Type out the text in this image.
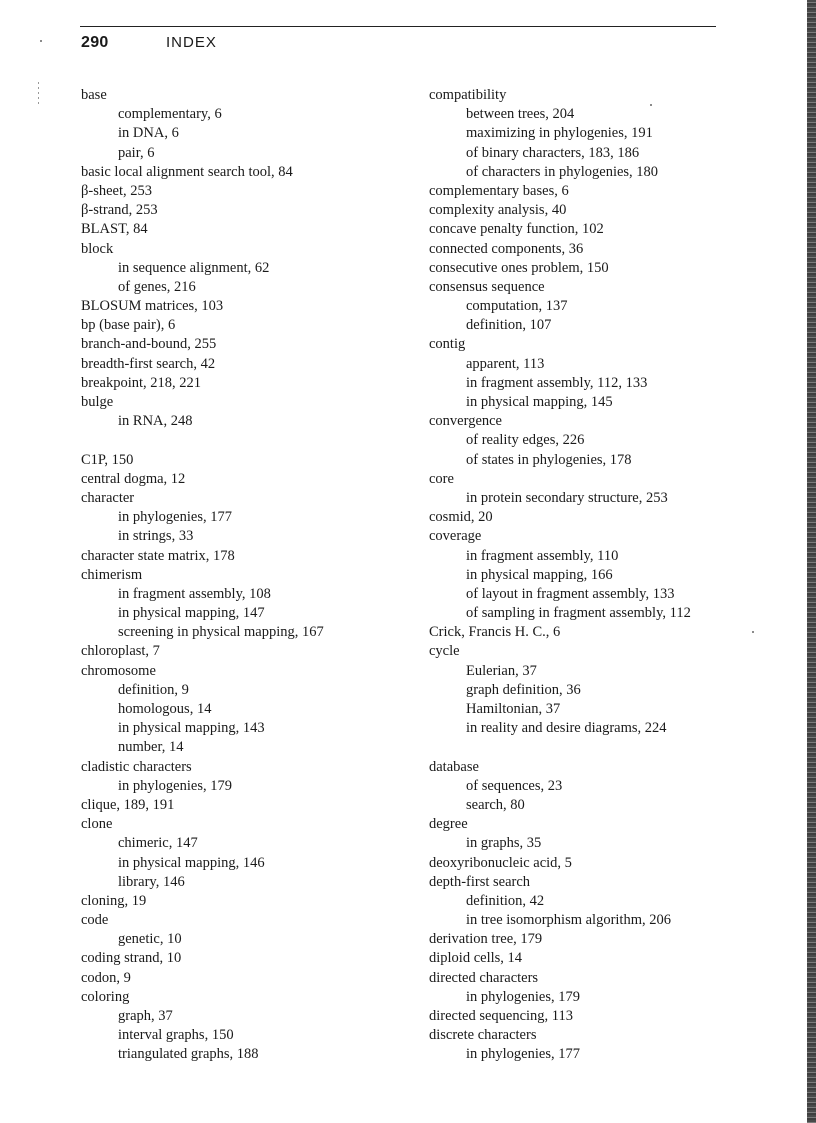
290	INDEX
base
complementary, 6
in DNA, 6
pair, 6
basic local alignment search tool, 84
β-sheet, 253
β-strand, 253
BLAST, 84
block
in sequence alignment, 62
of genes, 216
BLOSUM matrices, 103
bp (base pair), 6
branch-and-bound, 255
breadth-first search, 42
breakpoint, 218, 221
bulge
in RNA, 248
C1P, 150
central dogma, 12
character
in phylogenies, 177
in strings, 33
character state matrix, 178
chimerism
in fragment assembly, 108
in physical mapping, 147
screening in physical mapping, 167
chloroplast, 7
chromosome
definition, 9
homologous, 14
in physical mapping, 143
number, 14
cladistic characters
in phylogenies, 179
clique, 189, 191
clone
chimeric, 147
in physical mapping, 146
library, 146
cloning, 19
code
genetic, 10
coding strand, 10
codon, 9
coloring
graph, 37
interval graphs, 150
triangulated graphs, 188
compatibility
between trees, 204
maximizing in phylogenies, 191
of binary characters, 183, 186
of characters in phylogenies, 180
complementary bases, 6
complexity analysis, 40
concave penalty function, 102
connected components, 36
consecutive ones problem, 150
consensus sequence
computation, 137
definition, 107
contig
apparent, 113
in fragment assembly, 112, 133
in physical mapping, 145
convergence
of reality edges, 226
of states in phylogenies, 178
core
in protein secondary structure, 253
cosmid, 20
coverage
in fragment assembly, 110
in physical mapping, 166
of layout in fragment assembly, 133
of sampling in fragment assembly, 112
Crick, Francis H. C., 6
cycle
Eulerian, 37
graph definition, 36
Hamiltonian, 37
in reality and desire diagrams, 224
database
of sequences, 23
search, 80
degree
in graphs, 35
deoxyribonucleic acid, 5
depth-first search
definition, 42
in tree isomorphism algorithm, 206
derivation tree, 179
diploid cells, 14
directed characters
in phylogenies, 179
directed sequencing, 113
discrete characters
in phylogenies, 177
